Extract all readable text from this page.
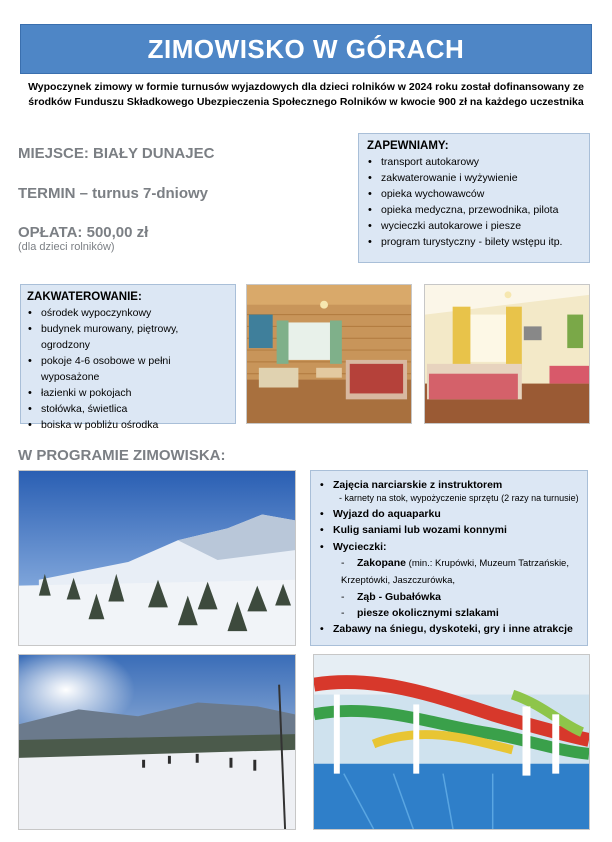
ZIMOWISKO W GÓRACH
Wypoczynek zimowy w formie turnusów wyjazdowych dla dzieci rolników w 2024 roku został dofinansowany ze
środków Funduszu Składkowego Ubezpieczenia Społecznego Rolników w kwocie 900 zł na każdego uczestnika
MIEJSCE: BIAŁY DUNAJEC
TERMIN – turnus 7-dniowy
OPŁATA: 500,00 zł
(dla dzieci rolników)
ZAPEWNIAMY:
• transport autokarowy
• zakwaterowanie i wyżywienie
• opieka wychowawców
• opieka medyczna, przewodnika, pilota
• wycieczki autokarowe i piesze
• program turystyczny - bilety wstępu itp.
ZAKWATEROWANIE:
• ośrodek wypoczynkowy
• budynek murowany, piętrowy, ogrodzony
• pokoje 4-6 osobowe w pełni wyposażone
• łazienki w pokojach
• stołówka, świetlica
• boiska w pobliżu ośrodka
W PROGRAMIE ZIMOWISKA:
• Zajęcia narciarskie z instruktorem
- karnety na stok, wypożyczenie sprzętu (2 razy na turnusie)
• Wyjazd do aquaparku
• Kulig saniami lub wozami konnymi
• Wycieczki:
- Zakopane (min.: Krupówki, Muzeum Tatrzańskie,
- Krzeptówki, Jaszczurówka,
- Ząb - Gubałówka
- piesze okolicznymi szlakami
• Zabawy na śniegu, dyskoteki, gry i inne atrakcje
